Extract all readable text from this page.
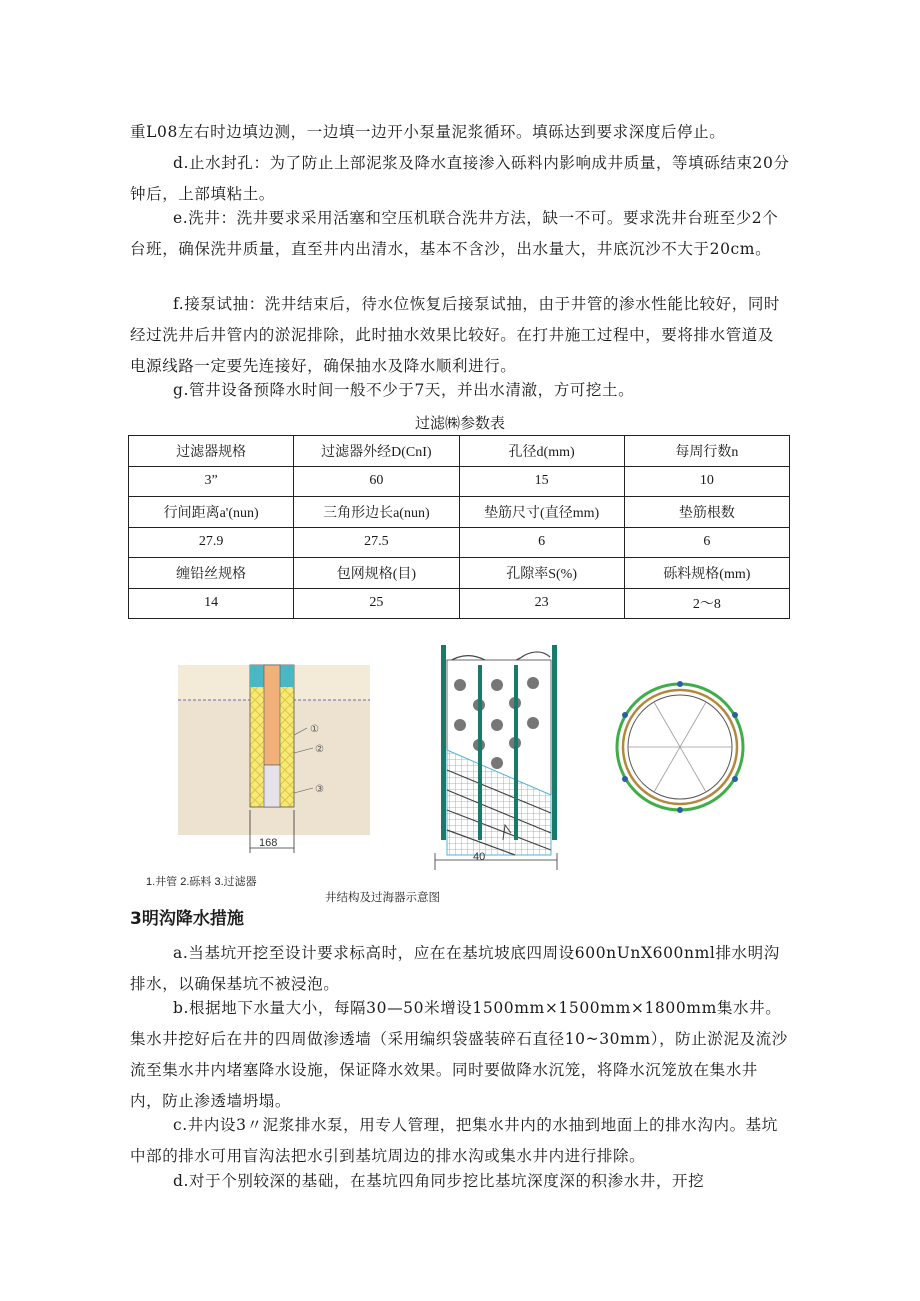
重L08左右时边填边测，一边填一边开小泵量泥浆循环。填砾达到要求深度后停止。

d.止水封孔：为了防止上部泥浆及降水直接渗入砾料内影响成井质量，等填砾结束20分钟后，上部填粘土。

e.洗井：洗井要求采用活塞和空压机联合洗井方法，缺一不可。要求洗井台班至少2个台班，确保洗井质量，直至井内出清水，基本不含沙，出水量大，井底沉沙不大于20cm。

f.接泵试抽：洗井结束后，待水位恢复后接泵试抽，由于井管的渗水性能比较好，同时经过洗井后井管内的淤泥排除，此时抽水效果比较好。在打井施工过程中，要将排水管道及电源线路一定要先连接好，确保抽水及降水顺利进行。

g.管井设备预降水时间一般不少于7天，并出水清澈，方可挖土。

过滤㈱参数表
过滤器规格	过滤器外经D(CnI)	孔径d(mm)	每周行数n
3”	60	15	10
行间距离a'(nun)	三角形边长a(nun)	垫筋尺寸(直径mm)	垫筋根数
27.9	27.5	6	6
缠铅丝规格	包网规格(目)	孔隙率S(%)	砾料规格(mm)
14	25	23	2～8
①
②
③
168
1.井管 2.砾料 3.过滤器
40
井结构及过海器示意图
3明沟降水措施

a.当基坑开挖至设计要求标高时，应在在基坑坡底四周设600nUnX600nml排水明沟排水，以确保基坑不被浸泡。

b.根据地下水量大小，每隔30—50米增设1500mm×1500mm×1800mm集水井。集水井挖好后在井的四周做渗透墙（采用编织袋盛装碎石直径10~30mm），防止淤泥及流沙流至集水井内堵塞降水设施，保证降水效果。同时要做降水沉笼，将降水沉笼放在集水井内，防止渗透墙坍塌。

c.井内设3〃泥浆排水泵，用专人管理，把集水井内的水抽到地面上的排水沟内。基坑中部的排水可用盲沟法把水引到基坑周边的排水沟或集水井内进行排除。

d.对于个别较深的基础，在基坑四角同步挖比基坑深度深的积渗水井，开挖
